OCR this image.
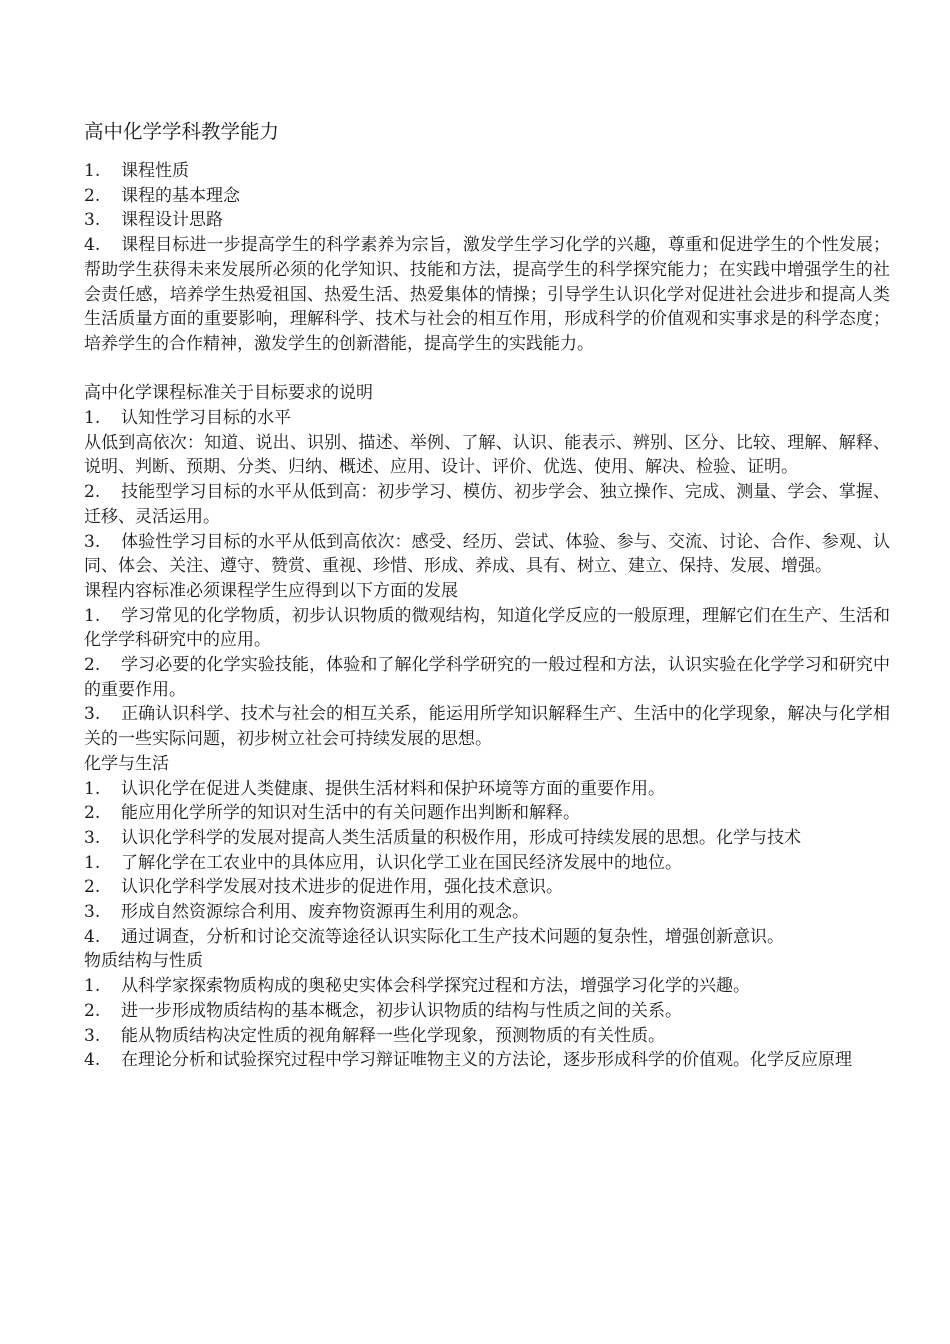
高中化学学科教学能力

1. 课程性质

2. 课程的基本理念

3. 课程设计思路

4. 课程目标进一步提高学生的科学素养为宗旨，激发学生学习化学的兴趣，尊重和促进学生的个性发展；帮助学生获得未来发展所必须的化学知识、技能和方法，提高学生的科学探究能力；在实践中增强学生的社会责任感，培养学生热爱祖国、热爱生活、热爱集体的情操；引导学生认识化学对促进社会进步和提高人类生活质量方面的重要影响，理解科学、技术与社会的相互作用，形成科学的价值观和实事求是的科学态度；培养学生的合作精神，激发学生的创新潜能，提高学生的实践能力。

高中化学课程标准关于目标要求的说明

1. 认知性学习目标的水平

从低到高依次：知道、说出、识别、描述、举例、了解、认识、能表示、辨别、区分、比较、理解、解释、说明、判断、预期、分类、归纳、概述、应用、设计、评价、优选、使用、解决、检验、证明。

2. 技能型学习目标的水平从低到高：初步学习、模仿、初步学会、独立操作、完成、测量、学会、掌握、迁移、灵活运用。

3. 体验性学习目标的水平从低到高依次：感受、经历、尝试、体验、参与、交流、讨论、合作、参观、认同、体会、关注、遵守、赞赏、重视、珍惜、形成、养成、具有、树立、建立、保持、发展、增强。

课程内容标准必须课程学生应得到以下方面的发展

1. 学习常见的化学物质，初步认识物质的微观结构，知道化学反应的一般原理，理解它们在生产、生活和化学学科研究中的应用。

2. 学习必要的化学实验技能，体验和了解化学科学研究的一般过程和方法，认识实验在化学学习和研究中的重要作用。

3. 正确认识科学、技术与社会的相互关系，能运用所学知识解释生产、生活中的化学现象，解决与化学相关的一些实际问题，初步树立社会可持续发展的思想。

化学与生活

1. 认识化学在促进人类健康、提供生活材料和保护环境等方面的重要作用。

2. 能应用化学所学的知识对生活中的有关问题作出判断和解释。

3. 认识化学科学的发展对提高人类生活质量的积极作用，形成可持续发展的思想。化学与技术

1. 了解化学在工农业中的具体应用，认识化学工业在国民经济发展中的地位。

2. 认识化学科学发展对技术进步的促进作用，强化技术意识。

3. 形成自然资源综合利用、废弃物资源再生利用的观念。

4. 通过调查，分析和讨论交流等途径认识实际化工生产技术问题的复杂性，增强创新意识。

物质结构与性质

1. 从科学家探索物质构成的奥秘史实体会科学探究过程和方法，增强学习化学的兴趣。

2. 进一步形成物质结构的基本概念，初步认识物质的结构与性质之间的关系。

3. 能从物质结构决定性质的视角解释一些化学现象，预测物质的有关性质。

4. 在理论分析和试验探究过程中学习辩证唯物主义的方法论，逐步形成科学的价值观。化学反应原理
